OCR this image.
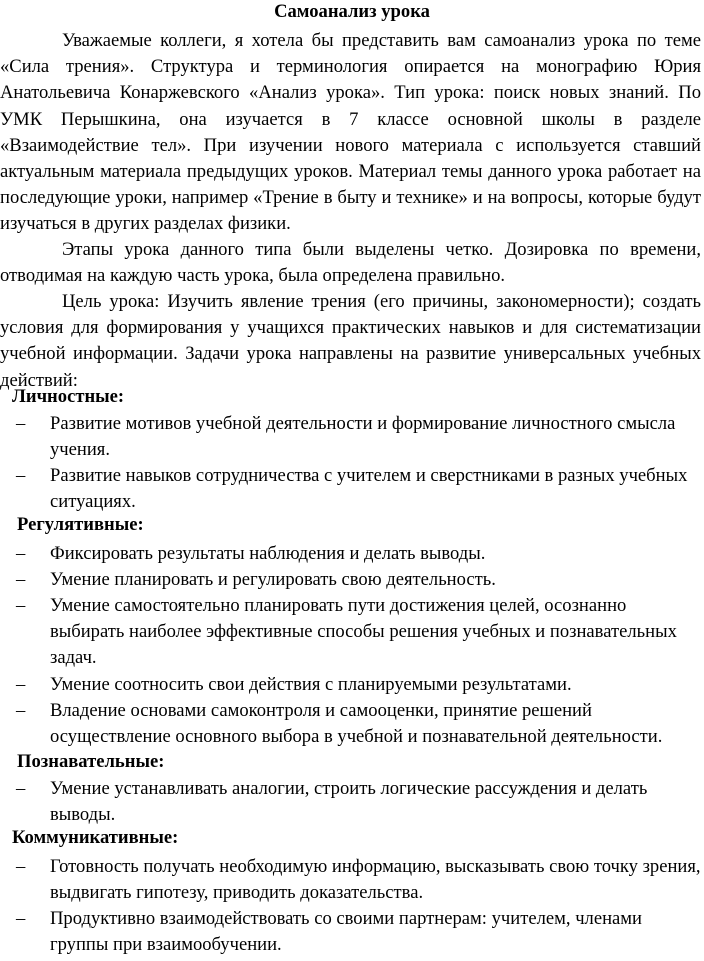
Самоанализ урока

Уважаемые коллеги, я хотела бы представить вам самоанализ урока по теме «Сила трения». Структура и терминология опирается на монографию Юрия Анатольевича Конаржевского «Анализ урока». Тип урока: поиск новых знаний. По УМК Перышкина, она изучается в 7 классе основной школы в разделе «Взаимодействие тел». При изучении нового материала с используется ставший актуальным материала предыдущих уроков. Материал темы данного урока работает на последующие уроки, например «Трение в быту и технике» и на вопросы, которые будут изучаться в других разделах физики.

Этапы урока данного типа были выделены четко. Дозировка по времени, отводимая на каждую часть урока, была определена правильно.

Цель урока: Изучить явление трения (его причины, закономерности); создать условия для формирования у учащихся практических навыков и для систематизации учебной информации. Задачи урока направлены на развитие универсальных учебных действий:

Личностные:
–	Развитие мотивов учебной деятельности и формирование личностного смысла учения.
–	Развитие навыков сотрудничества с учителем и сверстниками в разных учебных ситуациях.
Регулятивные:
–	Фиксировать результаты наблюдения и делать выводы.
–	Умение планировать и регулировать свою деятельность.
–	Умение самостоятельно планировать пути достижения целей, осознанно выбирать наиболее эффективные способы решения учебных и познавательных задач.
–	Умение соотносить свои действия с планируемыми результатами.
–	Владение основами самоконтроля и самооценки, принятие решений осуществление основного выбора в учебной и познавательной деятельности.
Познавательные:
–	Умение устанавливать аналогии, строить логические рассуждения и делать выводы.
Коммуникативные:
–	Готовность получать необходимую информацию, высказывать свою точку зрения, выдвигать гипотезу, приводить доказательства.
–	Продуктивно взаимодействовать со своими партнерам: учителем, членами группы при взаимообучении.
